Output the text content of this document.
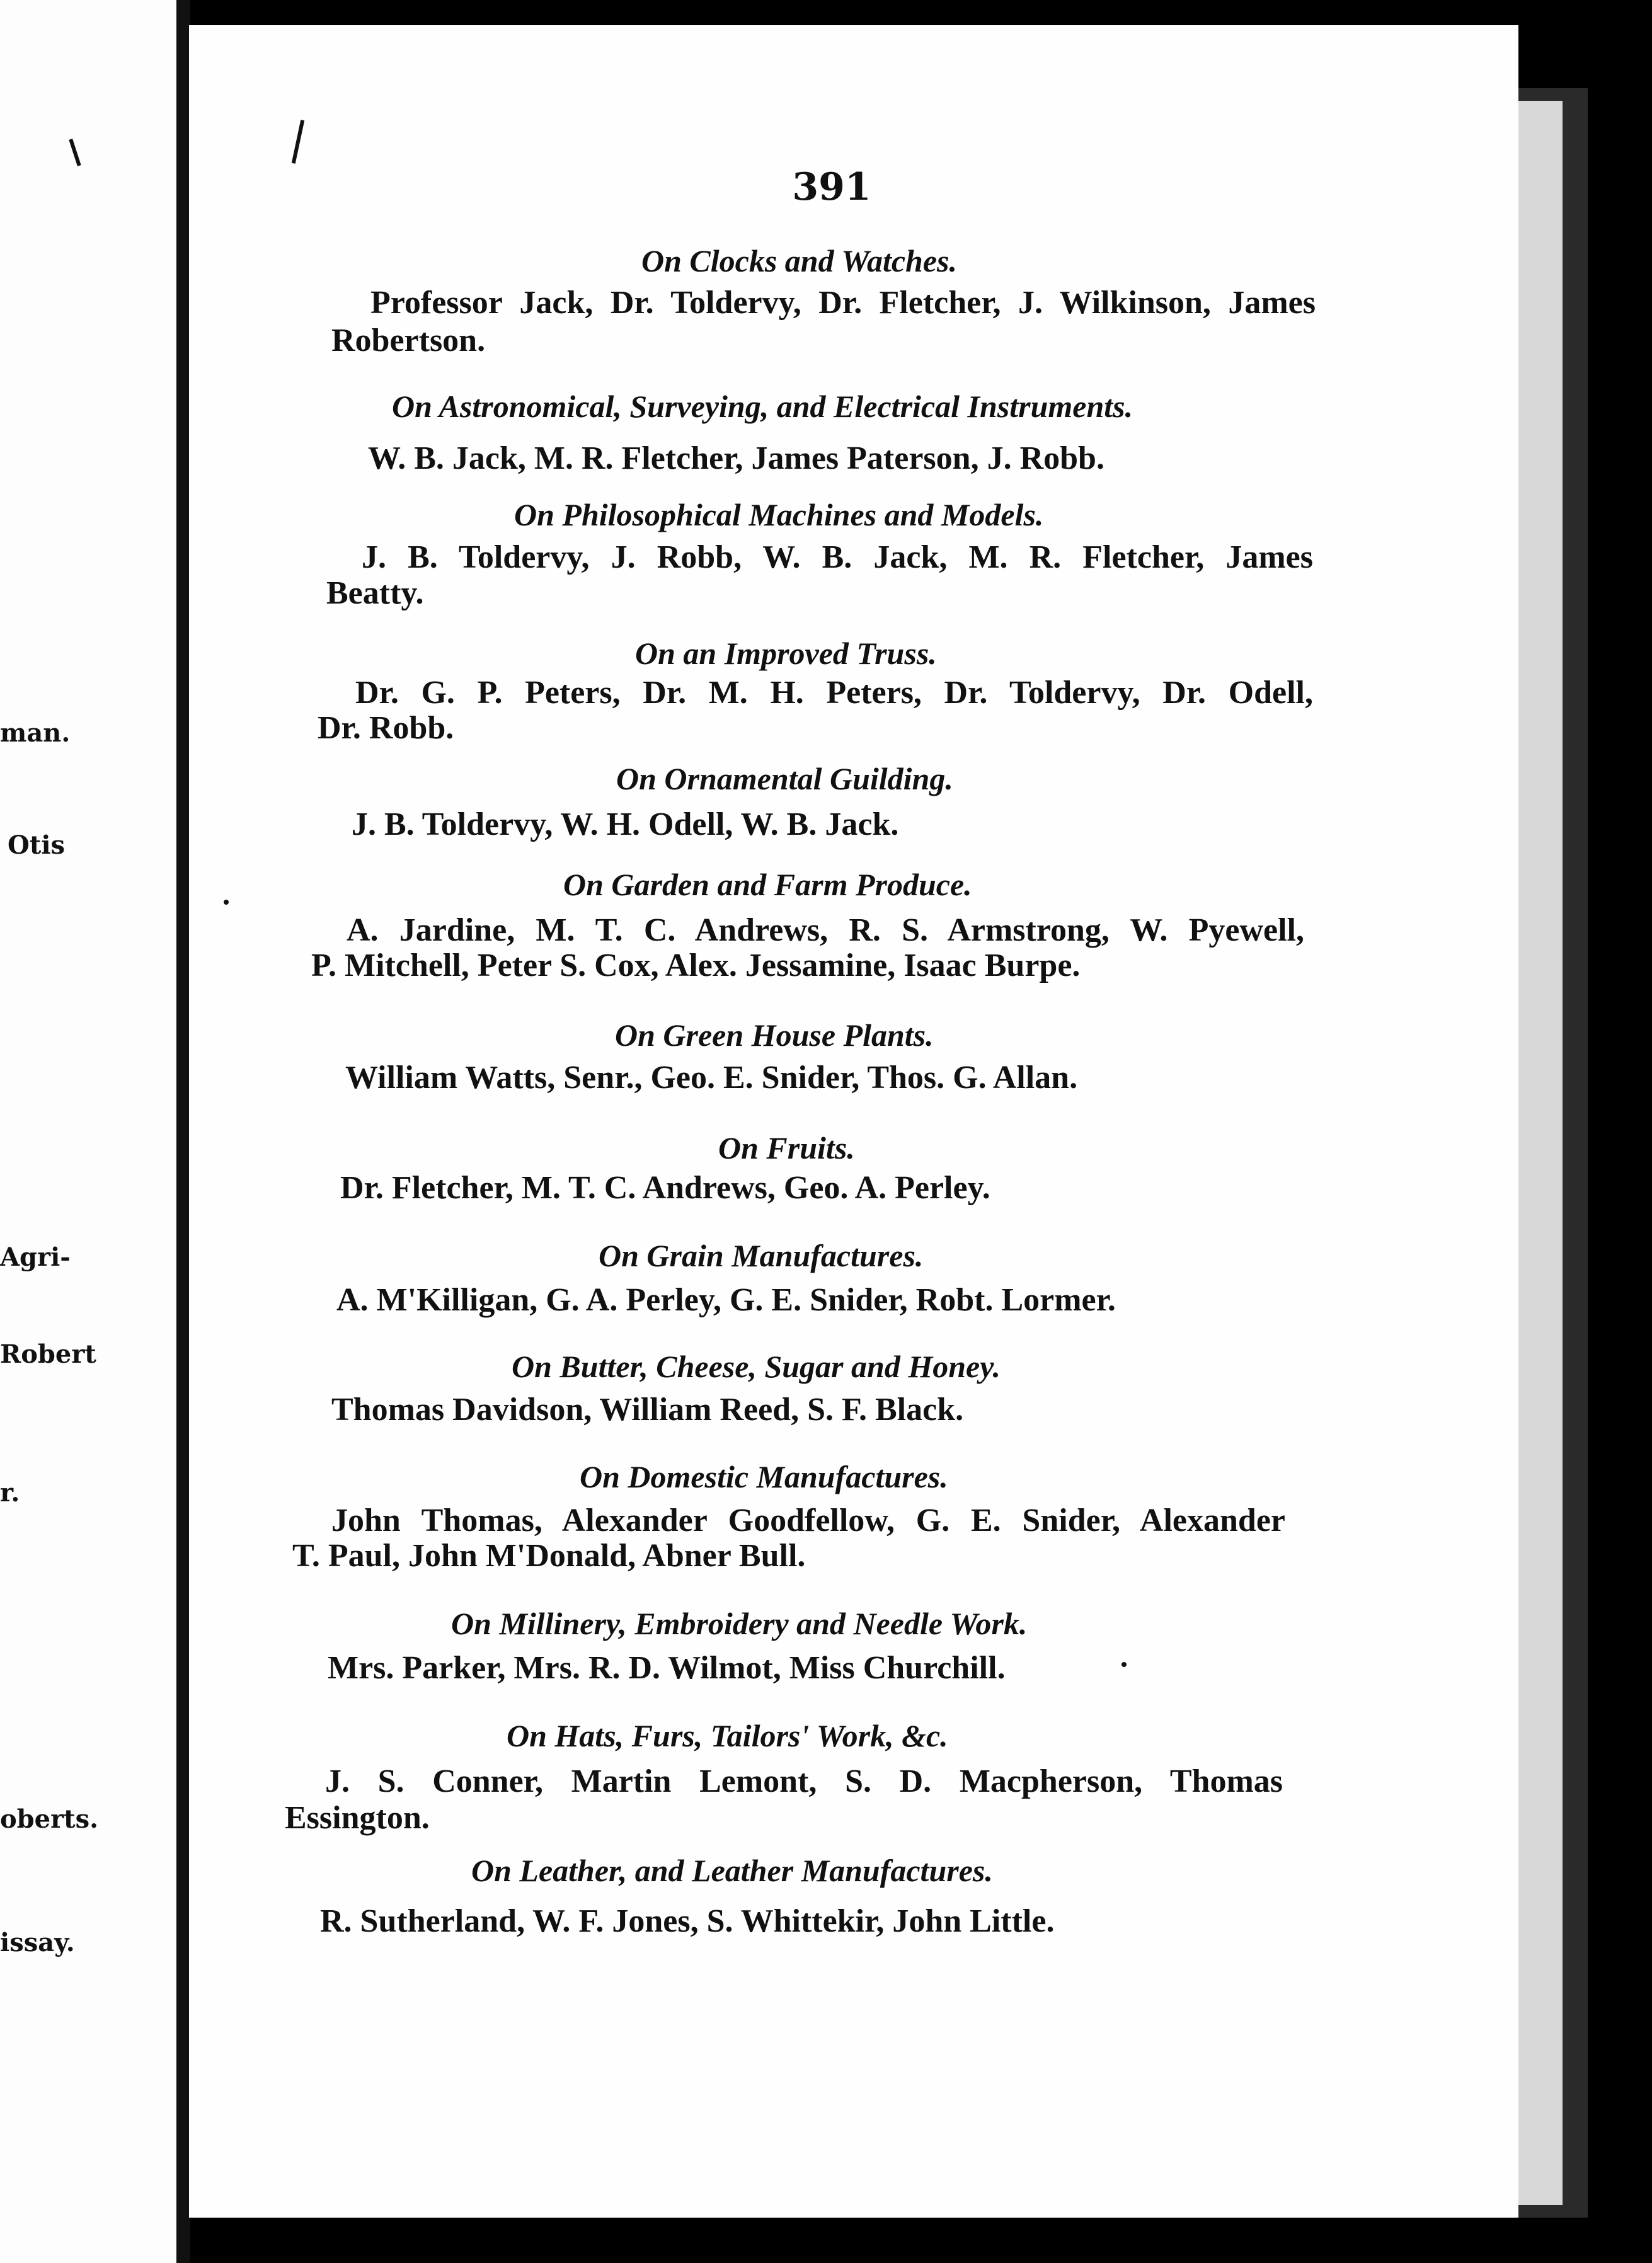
man.
Otis
Agri-
Robert
r.
oberts.
issay.
391
On Clocks and Watches.
Professor Jack, Dr. Toldervy, Dr. Fletcher, J. Wilkinson, James
Robertson.
On Astronomical, Surveying, and Electrical Instruments.
W. B. Jack, M. R. Fletcher, James Paterson, J. Robb.
On Philosophical Machines and Models.
J. B. Toldervy, J. Robb, W. B. Jack, M. R. Fletcher, James
Beatty.
On an Improved Truss.
Dr. G. P. Peters, Dr. M. H. Peters, Dr. Toldervy, Dr. Odell,
Dr. Robb.
On Ornamental Guilding.
J. B. Toldervy, W. H. Odell, W. B. Jack.
On Garden and Farm Produce.
A. Jardine, M. T. C. Andrews, R. S. Armstrong, W. Pyewell,
P. Mitchell, Peter S. Cox, Alex. Jessamine, Isaac Burpe.
On Green House Plants.
William Watts, Senr., Geo. E. Snider, Thos. G. Allan.
On Fruits.
Dr. Fletcher, M. T. C. Andrews, Geo. A. Perley.
On Grain Manufactures.
A. M'Killigan, G. A. Perley, G. E. Snider, Robt. Lormer.
On Butter, Cheese, Sugar and Honey.
Thomas Davidson, William Reed, S. F. Black.
On Domestic Manufactures.
John Thomas, Alexander Goodfellow, G. E. Snider, Alexander
T. Paul, John M'Donald, Abner Bull.
On Millinery, Embroidery and Needle Work.
Mrs. Parker, Mrs. R. D. Wilmot, Miss Churchill.
On Hats, Furs, Tailors' Work, &c.
J. S. Conner, Martin Lemont, S. D. Macpherson, Thomas
Essington.
On Leather, and Leather Manufactures.
R. Sutherland, W. F. Jones, S. Whittekir, John Little.
